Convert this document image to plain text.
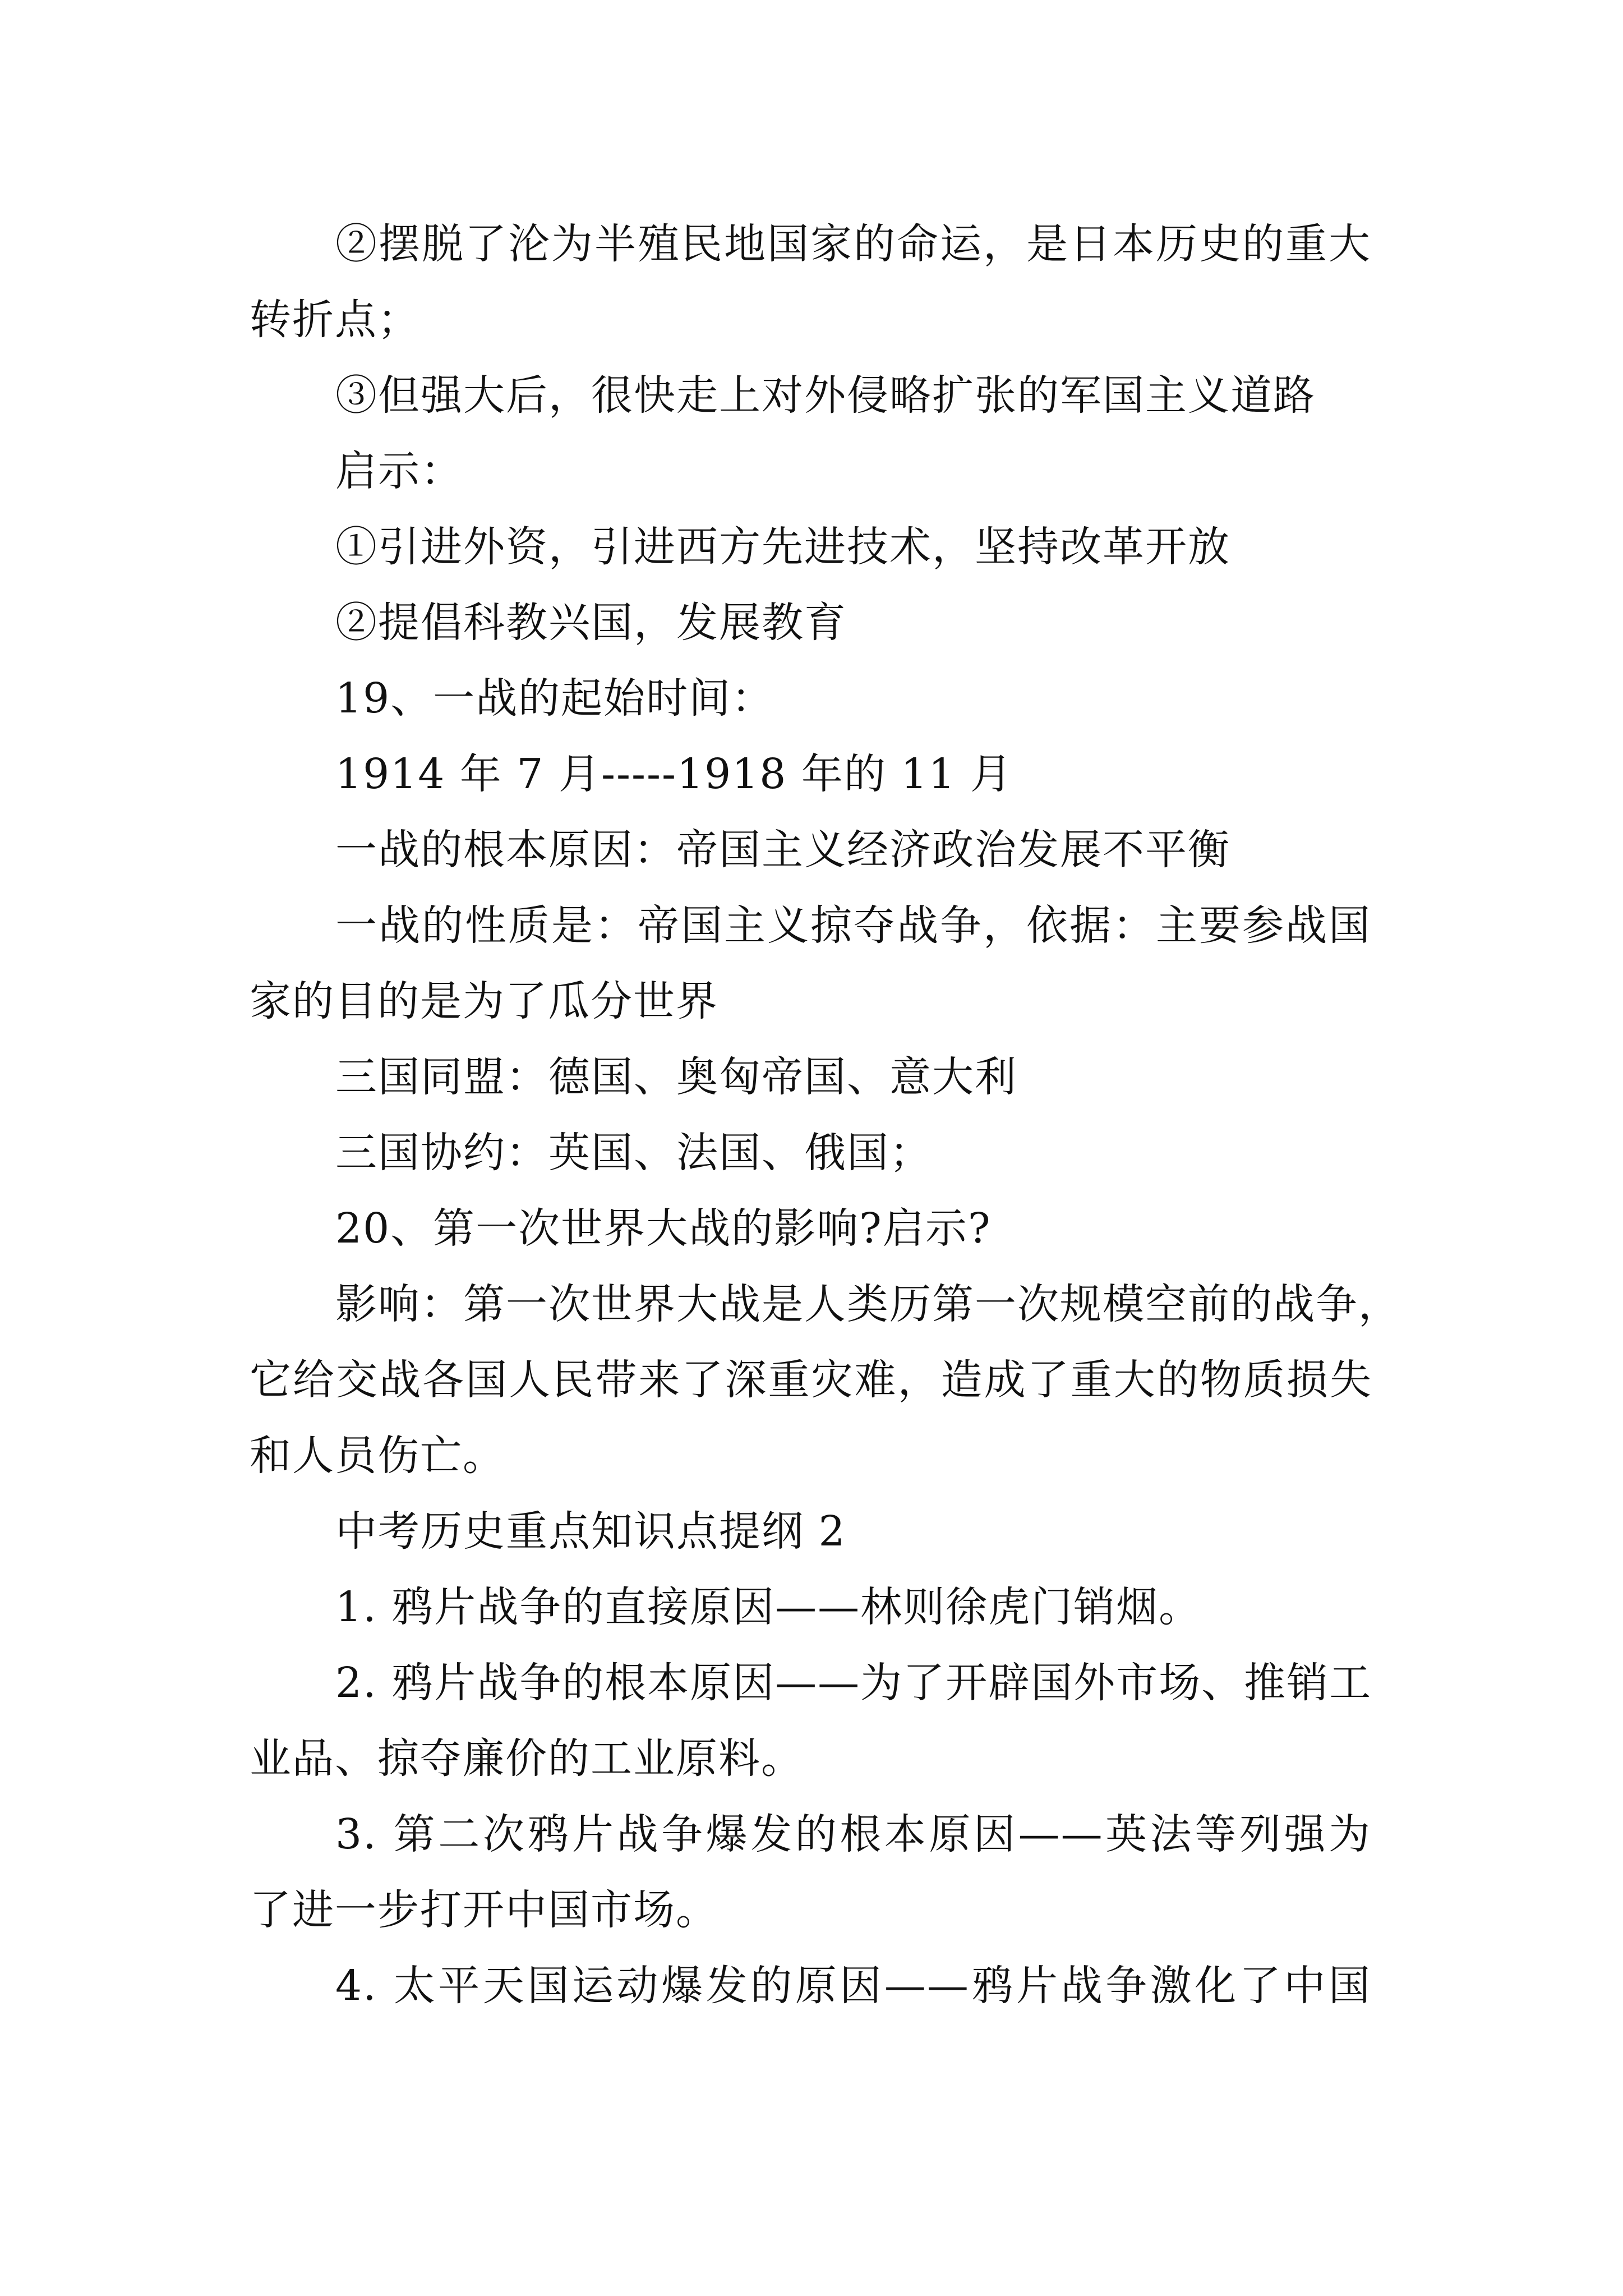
②摆脱了沦为半殖民地国家的命运，是日本历史的重大
转折点；
③但强大后，很快走上对外侵略扩张的军国主义道路
启示：
①引进外资，引进西方先进技术，坚持改革开放
②提倡科教兴国，发展教育
19、一战的起始时间：
1914 年 7 月-----1918 年的 11 月
一战的根本原因：帝国主义经济政治发展不平衡
一战的性质是：帝国主义掠夺战争，依据：主要参战国
家的目的是为了瓜分世界
三国同盟：德国、奥匈帝国、意大利
三国协约：英国、法国、俄国；
20、第一次世界大战的影响?启示?
影响：第一次世界大战是人类历第一次规模空前的战争，
它给交战各国人民带来了深重灾难，造成了重大的物质损失
和人员伤亡。
中考历史重点知识点提纲 2
1. 鸦片战争的直接原因——林则徐虎门销烟。
2. 鸦片战争的根本原因——为了开辟国外市场、推销工
业品、掠夺廉价的工业原料。
3. 第二次鸦片战争爆发的根本原因——英法等列强为
了进一步打开中国市场。
4. 太平天国运动爆发的原因——鸦片战争激化了中国
